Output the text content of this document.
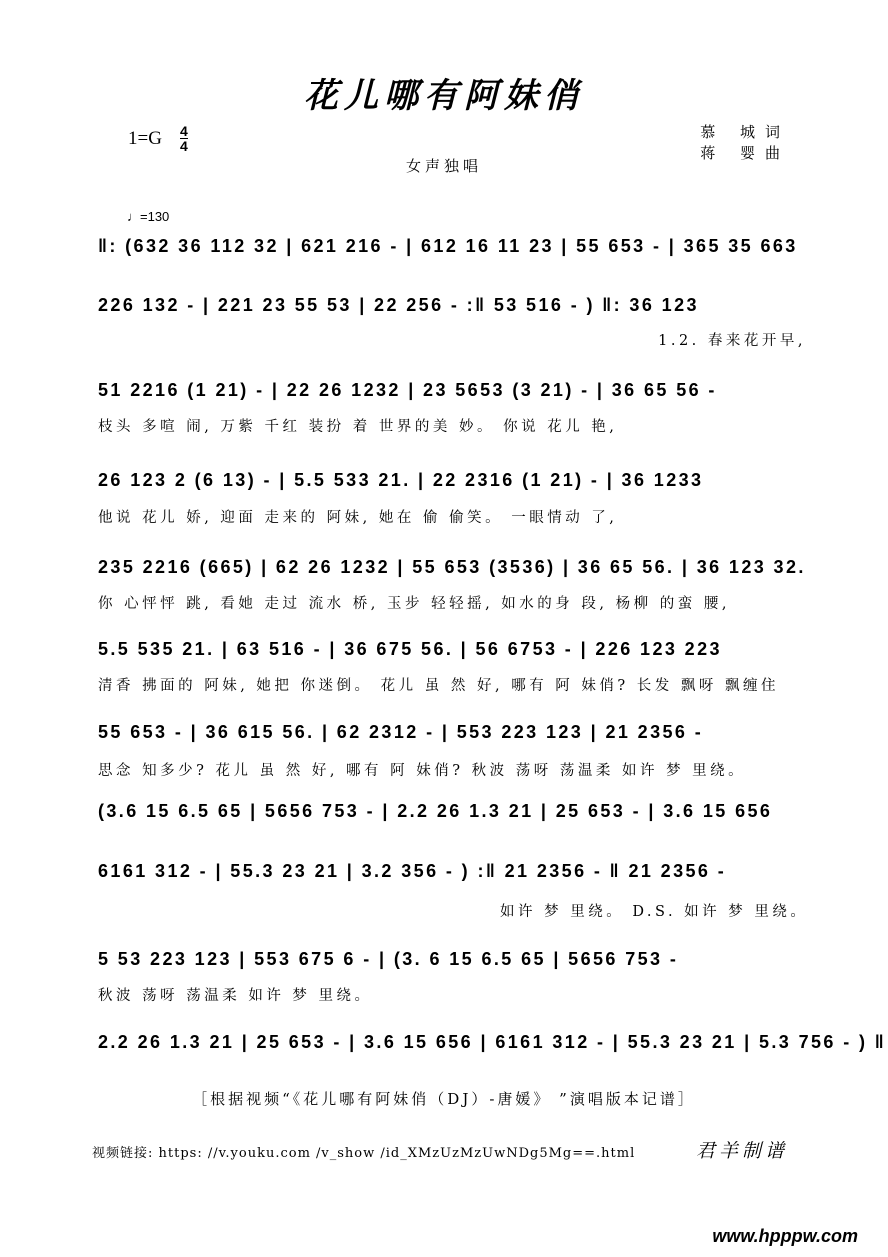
花儿哪有阿妹俏
1=G 4
4
慕 城词
蒋 婴曲
女声独唱
♩=130
‖: (632 36 112 32 | 621 216 - | 612 16 11 23 | 55 653 - | 365 35 663
226 132 - | 221 23 55 53 | 22 256 - :‖ 53 516 - ) ‖: 36 123
51 2216 (1 21) - | 22 26 1232 | 23 5653 (3 21) - | 36 65 56 -
26 123 2 (6 13) - | 5.5 533 21. | 22 2316 (1 21) - | 36 1233
235 2216 (665) | 62 26 1232 | 55 653 (3536) | 36 65 56. | 36 123 32.
5.5 535 21. | 63 516 - | 36 675 56. | 56 6753 - | 226 123 223
55 653 - | 36 615 56. | 62 2312 - | 553 223 123 | 21 2356 -
(3.6 15 6.5 65 | 5656 753 - | 2.2 26 1.3 21 | 25 653 - | 3.6 15 656
6161 312 - | 55.3 23 21 | 3.2 356 - ) :‖ 21 2356 - ‖ 21 2356 -
5 53 223 123 | 553 675 6 - | (3. 6 15 6.5 65 | 5656 753 -
2.2 26 1.3 21 | 25 653 - | 3.6 15 656 | 6161 312 - | 55.3 23 21 | 5.3 756 - ) ‖
1.2. 春来花开早,
枝头 多喧 闹, 万紫 千红 装扮 着 世界的美 妙。 你说 花儿 艳,
他说 花儿 娇, 迎面 走来的 阿妹, 她在 偷 偷笑。 一眼情动 了,
你 心怦怦 跳, 看她 走过 流水 桥, 玉步 轻轻摇, 如水的身 段, 杨柳 的蛮 腰,
清香 拂面的 阿妹, 她把 你迷倒。 花儿 虽 然 好, 哪有 阿 妹俏? 长发 飘呀 飘缠住
思念 知多少? 花儿 虽 然 好, 哪有 阿 妹俏? 秋波 荡呀 荡温柔 如许 梦 里绕。
如许 梦 里绕。 D.S. 如许 梦 里绕。
秋波 荡呀 荡温柔 如许 梦 里绕。
［根据视频“《花儿哪有阿妹俏（DJ）-唐媛》 ”演唱版本记谱］
视频链接: https: //v.youku.com /v_show /id_XMzUzMzUwNDg5Mg==.html	君羊制谱
www.hpppw.com
